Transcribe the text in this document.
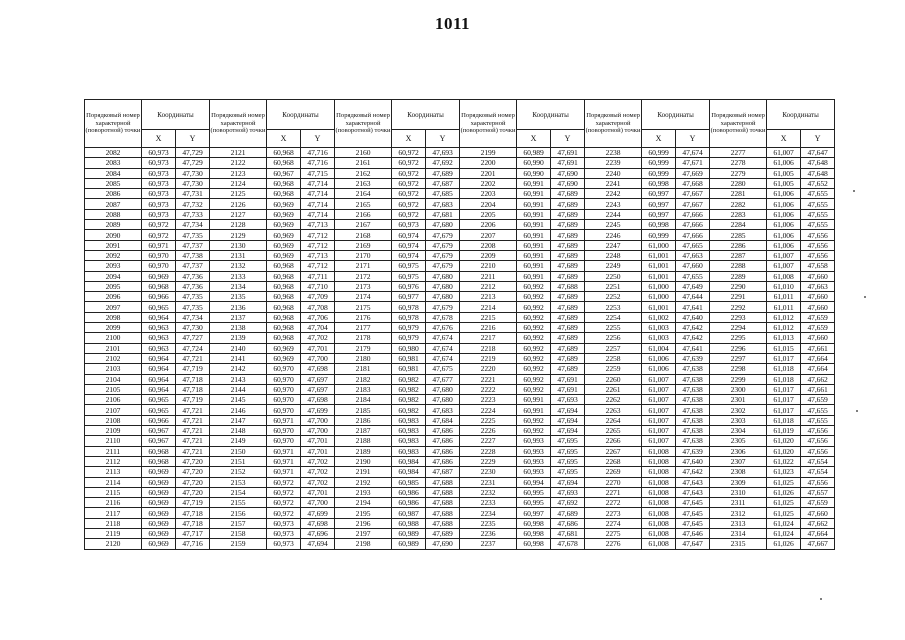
1011
Порядковый номер характерной (поворотной) точки	Координаты		Порядковый номер характерной (поворотной) точки	Координаты		Порядковый номер характерной (поворотной) точки	Координаты		Порядковый номер характерной (поворотной) точки	Координаты		Порядковый номер характерной (поворотной) точки	Координаты		Порядковый номер характерной (поворотной) точки	Координаты	
	X	Y		X	Y		X	Y		X	Y		X	Y		X	Y
2082	60,973	47,729	2121	60,968	47,716	2160	60,972	47,693	2199	60,989	47,691	2238	60,999	47,674	2277	61,007	47,647
2083	60,973	47,729	2122	60,968	47,716	2161	60,972	47,692	2200	60,990	47,691	2239	60,999	47,671	2278	61,006	47,648
2084	60,973	47,730	2123	60,967	47,715	2162	60,972	47,689	2201	60,990	47,690	2240	60,999	47,669	2279	61,005	47,648
2085	60,973	47,730	2124	60,968	47,714	2163	60,972	47,687	2202	60,991	47,690	2241	60,998	47,668	2280	61,005	47,652
2086	60,973	47,731	2125	60,968	47,714	2164	60,972	47,685	2203	60,991	47,689	2242	60,997	47,667	2281	61,006	47,655
2087	60,973	47,732	2126	60,969	47,714	2165	60,972	47,683	2204	60,991	47,689	2243	60,997	47,667	2282	61,006	47,655
2088	60,973	47,733	2127	60,969	47,714	2166	60,972	47,681	2205	60,991	47,689	2244	60,997	47,666	2283	61,006	47,655
2089	60,972	47,734	2128	60,969	47,713	2167	60,973	47,680	2206	60,991	47,689	2245	60,998	47,666	2284	61,006	47,655
2090	60,972	47,735	2129	60,969	47,712	2168	60,974	47,679	2207	60,991	47,689	2246	60,999	47,666	2285	61,006	47,656
2091	60,971	47,737	2130	60,969	47,712	2169	60,974	47,679	2208	60,991	47,689	2247	61,000	47,665	2286	61,006	47,656
2092	60,970	47,738	2131	60,969	47,713	2170	60,974	47,679	2209	60,991	47,689	2248	61,001	47,663	2287	61,007	47,656
2093	60,970	47,737	2132	60,968	47,712	2171	60,975	47,679	2210	60,991	47,689	2249	61,001	47,660	2288	61,007	47,658
2094	60,969	47,736	2133	60,968	47,711	2172	60,975	47,680	2211	60,991	47,689	2250	61,001	47,655	2289	61,008	47,660
2095	60,968	47,736	2134	60,968	47,710	2173	60,976	47,680	2212	60,992	47,688	2251	61,000	47,649	2290	61,010	47,663
2096	60,966	47,735	2135	60,968	47,709	2174	60,977	47,680	2213	60,992	47,689	2252	61,000	47,644	2291	61,011	47,660
2097	60,965	47,735	2136	60,968	47,708	2175	60,978	47,679	2214	60,992	47,689	2253	61,001	47,641	2292	61,011	47,660
2098	60,964	47,734	2137	60,968	47,706	2176	60,978	47,678	2215	60,992	47,689	2254	61,002	47,640	2293	61,012	47,659
2099	60,963	47,730	2138	60,968	47,704	2177	60,979	47,676	2216	60,992	47,689	2255	61,003	47,642	2294	61,012	47,659
2100	60,963	47,727	2139	60,968	47,702	2178	60,979	47,674	2217	60,992	47,689	2256	61,003	47,642	2295	61,013	47,660
2101	60,963	47,724	2140	60,969	47,701	2179	60,980	47,674	2218	60,992	47,689	2257	61,004	47,641	2296	61,015	47,661
2102	60,964	47,721	2141	60,969	47,700	2180	60,981	47,674	2219	60,992	47,689	2258	61,006	47,639	2297	61,017	47,664
2103	60,964	47,719	2142	60,970	47,698	2181	60,981	47,675	2220	60,992	47,689	2259	61,006	47,638	2298	61,018	47,664
2104	60,964	47,718	2143	60,970	47,697	2182	60,982	47,677	2221	60,992	47,691	2260	61,007	47,638	2299	61,018	47,662
2105	60,964	47,718	2144	60,970	47,697	2183	60,982	47,680	2222	60,992	47,691	2261	61,007	47,638	2300	61,017	47,661
2106	60,965	47,719	2145	60,970	47,698	2184	60,982	47,680	2223	60,991	47,693	2262	61,007	47,638	2301	61,017	47,659
2107	60,965	47,721	2146	60,970	47,699	2185	60,982	47,683	2224	60,991	47,694	2263	61,007	47,638	2302	61,017	47,655
2108	60,966	47,721	2147	60,971	47,700	2186	60,983	47,684	2225	60,992	47,694	2264	61,007	47,638	2303	61,018	47,655
2109	60,967	47,721	2148	60,970	47,700	2187	60,983	47,686	2226	60,992	47,694	2265	61,007	47,638	2304	61,019	47,656
2110	60,967	47,721	2149	60,970	47,701	2188	60,983	47,686	2227	60,993	47,695	2266	61,007	47,638	2305	61,020	47,656
2111	60,968	47,721	2150	60,971	47,701	2189	60,983	47,686	2228	60,993	47,695	2267	61,008	47,639	2306	61,020	47,656
2112	60,968	47,720	2151	60,971	47,702	2190	60,984	47,686	2229	60,993	47,695	2268	61,008	47,640	2307	61,022	47,654
2113	60,969	47,720	2152	60,971	47,702	2191	60,984	47,687	2230	60,993	47,695	2269	61,008	47,642	2308	61,023	47,654
2114	60,969	47,720	2153	60,972	47,702	2192	60,985	47,688	2231	60,994	47,694	2270	61,008	47,643	2309	61,025	47,656
2115	60,969	47,720	2154	60,972	47,701	2193	60,986	47,688	2232	60,995	47,693	2271	61,008	47,643	2310	61,026	47,657
2116	60,969	47,719	2155	60,972	47,700	2194	60,986	47,688	2233	60,995	47,692	2272	61,008	47,645	2311	61,025	47,659
2117	60,969	47,718	2156	60,972	47,699	2195	60,987	47,688	2234	60,997	47,689	2273	61,008	47,645	2312	61,025	47,660
2118	60,969	47,718	2157	60,973	47,698	2196	60,988	47,688	2235	60,998	47,686	2274	61,008	47,645	2313	61,024	47,662
2119	60,969	47,717	2158	60,973	47,696	2197	60,989	47,689	2236	60,998	47,681	2275	61,008	47,646	2314	61,024	47,664
2120	60,969	47,716	2159	60,973	47,694	2198	60,989	47,690	2237	60,998	47,678	2276	61,008	47,647	2315	61,026	47,667
